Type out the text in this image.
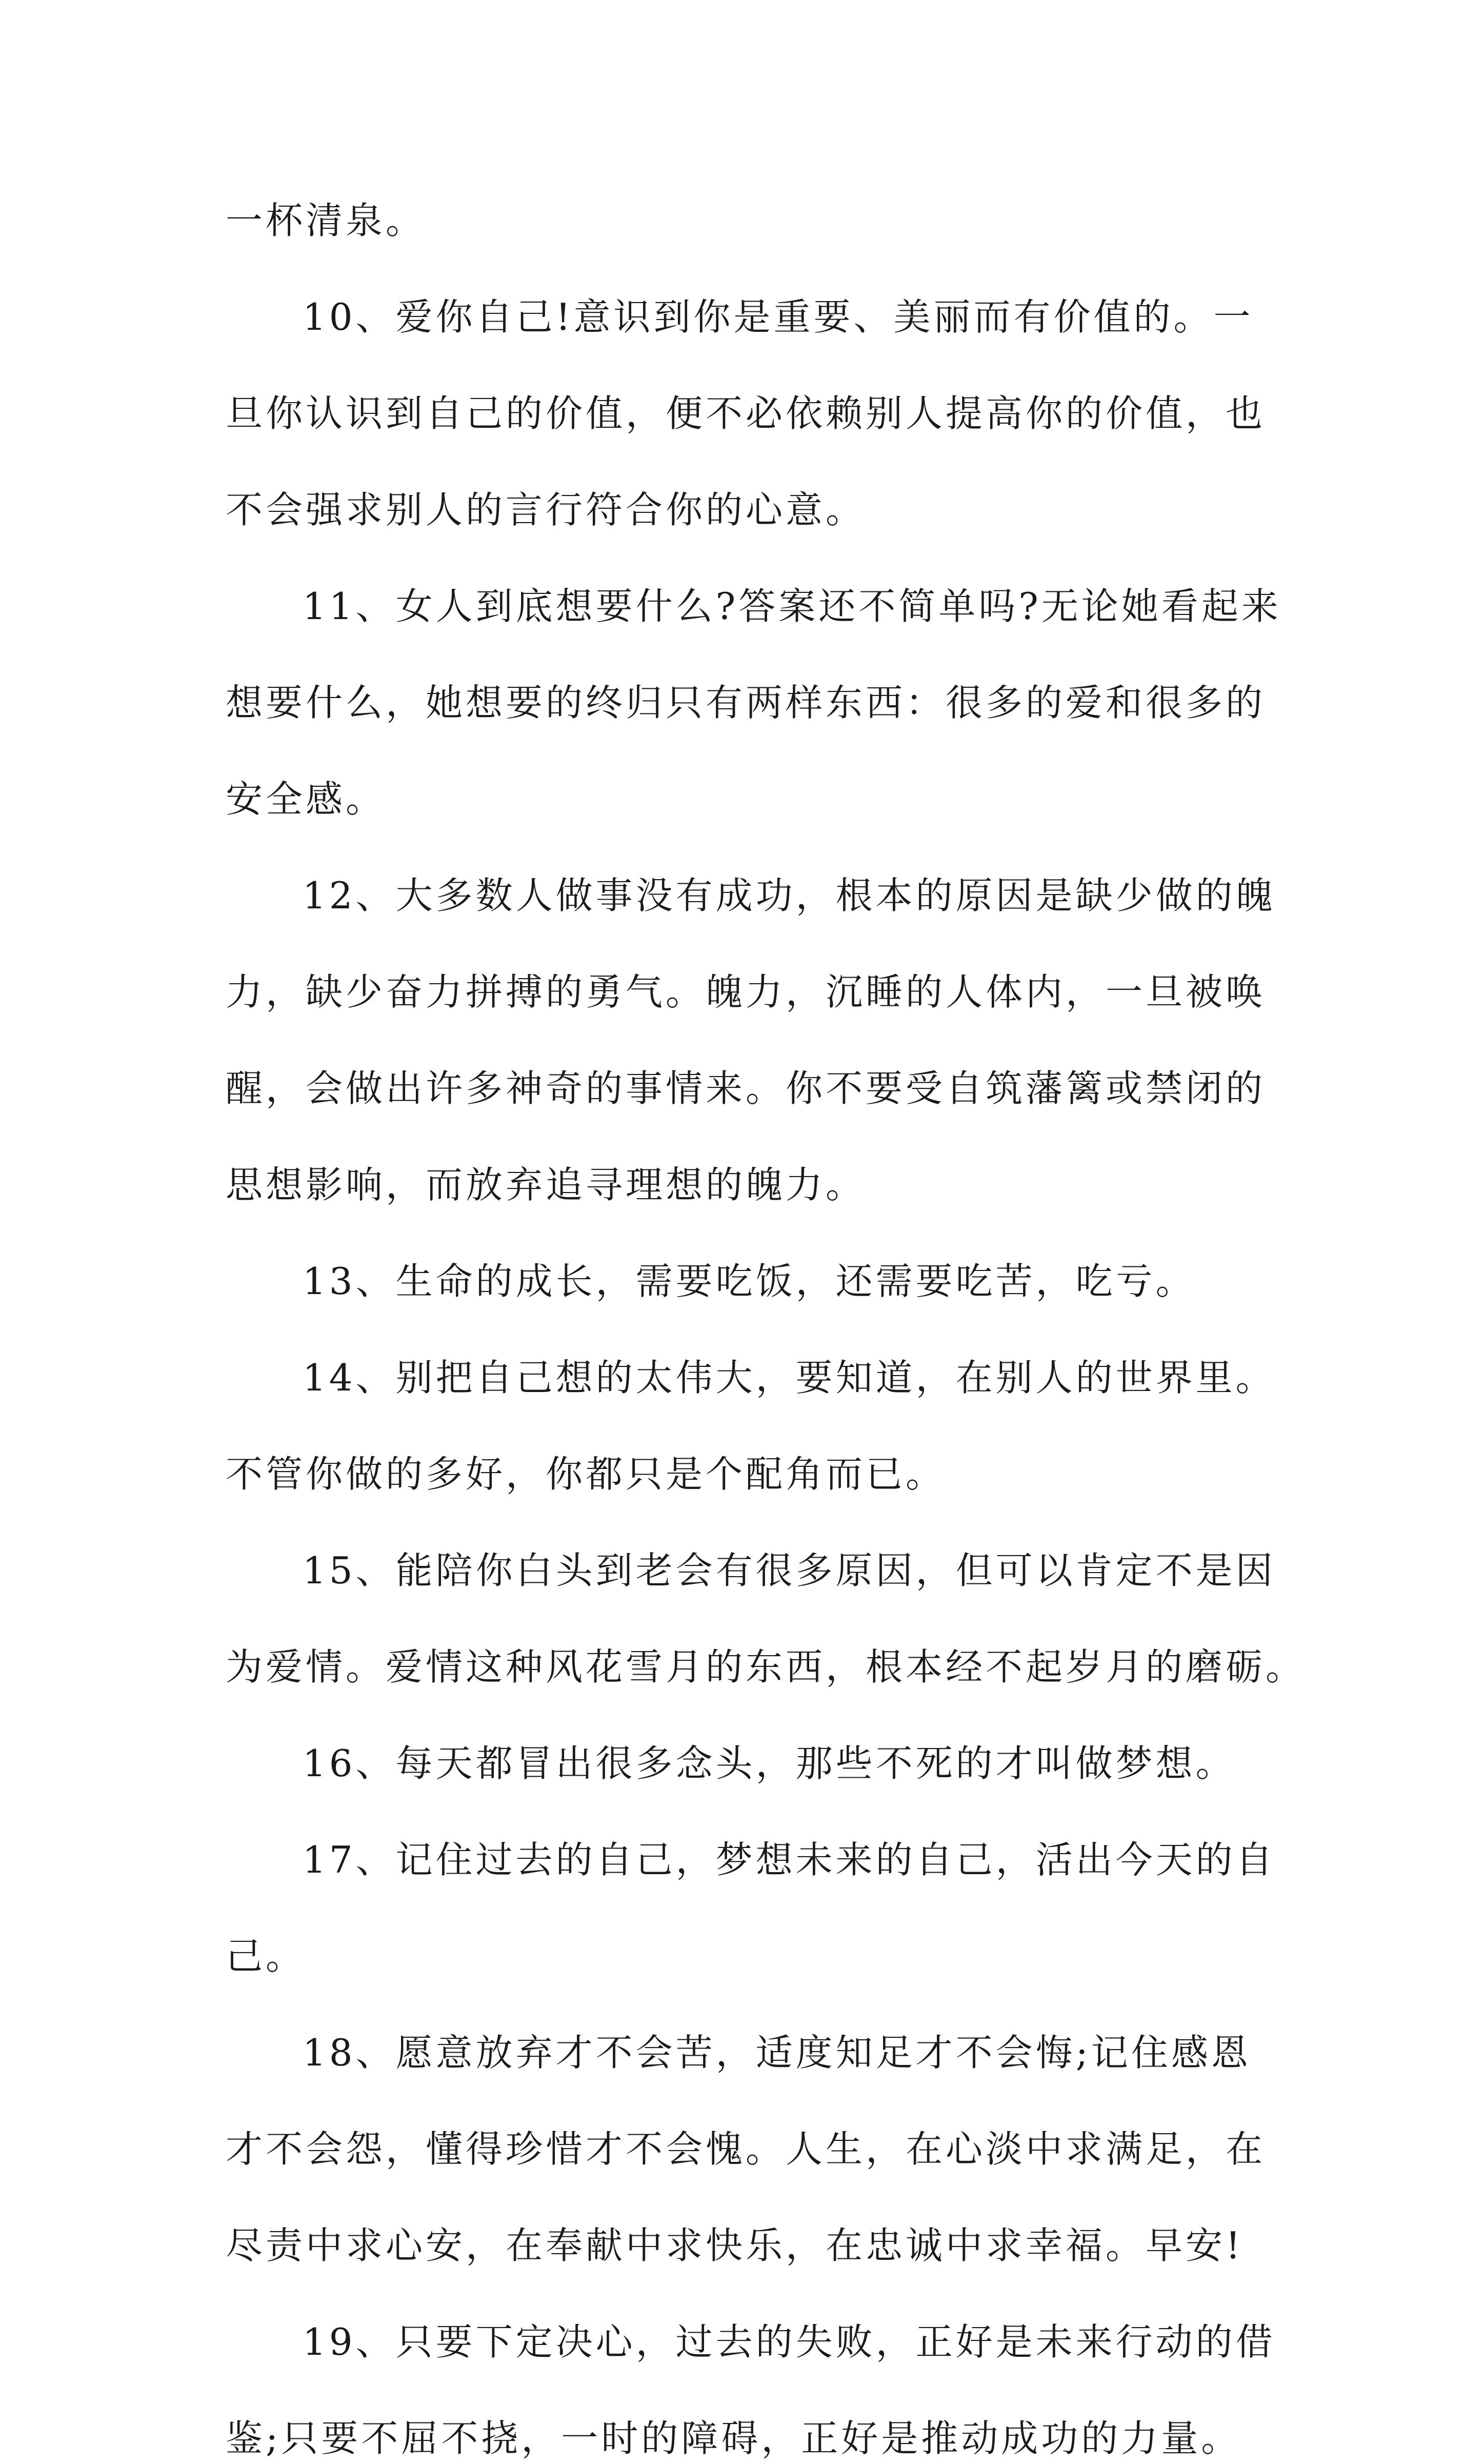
一杯清泉。
10、爱你自己!意识到你是重要、美丽而有价值的。一
旦你认识到自己的价值，便不必依赖别人提高你的价值，也
不会强求别人的言行符合你的心意。
11、女人到底想要什么?答案还不简单吗?无论她看起来
想要什么，她想要的终归只有两样东西：很多的爱和很多的
安全感。
12、大多数人做事没有成功，根本的原因是缺少做的魄
力，缺少奋力拼搏的勇气。魄力，沉睡的人体内，一旦被唤
醒，会做出许多神奇的事情来。你不要受自筑藩篱或禁闭的
思想影响，而放弃追寻理想的魄力。
13、生命的成长，需要吃饭，还需要吃苦，吃亏。
14、别把自己想的太伟大，要知道，在别人的世界里。
不管你做的多好，你都只是个配角而已。
15、能陪你白头到老会有很多原因，但可以肯定不是因
为爱情。爱情这种风花雪月的东西，根本经不起岁月的磨砺。
16、每天都冒出很多念头，那些不死的才叫做梦想。
17、记住过去的自己，梦想未来的自己，活出今天的自
己。
18、愿意放弃才不会苦，适度知足才不会悔;记住感恩
才不会怨，懂得珍惜才不会愧。人生，在心淡中求满足，在
尽责中求心安，在奉献中求快乐，在忠诚中求幸福。早安!
19、只要下定决心，过去的失败，正好是未来行动的借
鉴;只要不屈不挠，一时的障碍，正好是推动成功的力量。
